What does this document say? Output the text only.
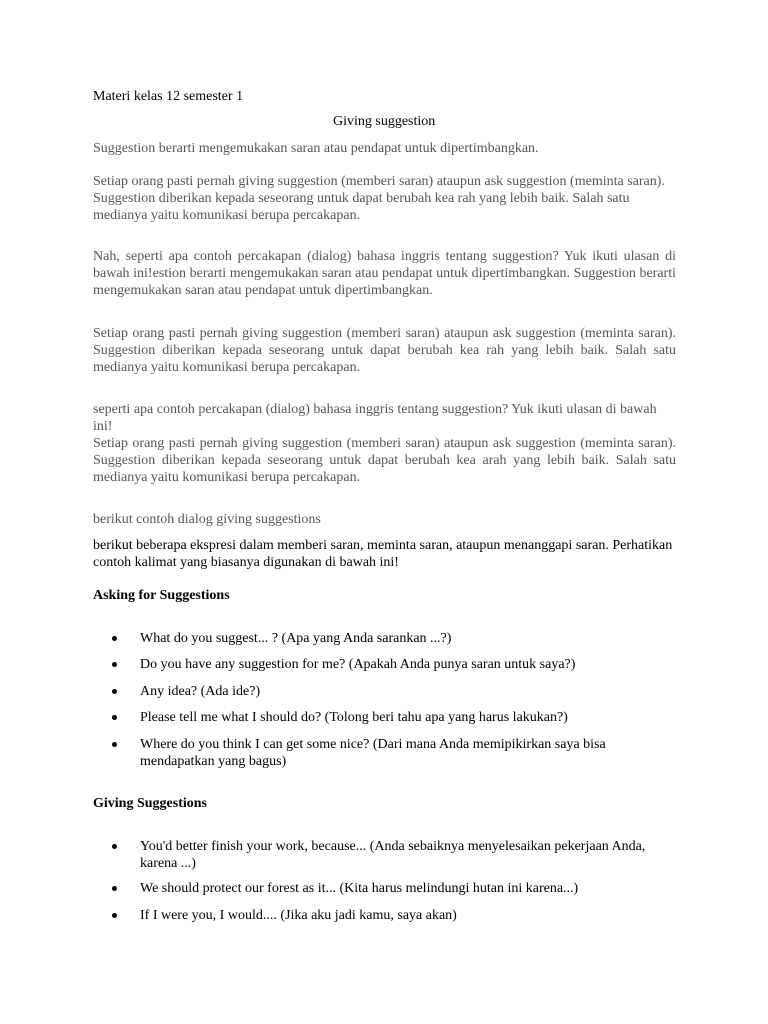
Materi kelas 12 semester 1
Giving suggestion
Suggestion berarti mengemukakan saran atau pendapat untuk dipertimbangkan.
Setiap orang pasti pernah giving suggestion (memberi saran) ataupun ask suggestion (meminta saran). Suggestion diberikan kepada seseorang untuk dapat berubah kea rah yang lebih baik. Salah satu medianya yaitu komunikasi berupa percakapan.
Nah, seperti apa contoh percakapan (dialog) bahasa inggris tentang suggestion? Yuk ikuti ulasan di bawah ini!estion berarti mengemukakan saran atau pendapat untuk dipertimbangkan. Suggestion berarti mengemukakan saran atau pendapat untuk dipertimbangkan.
Setiap orang pasti pernah giving suggestion (memberi saran) ataupun ask suggestion (meminta saran). Suggestion diberikan kepada seseorang untuk dapat berubah kea rah yang lebih baik. Salah satu medianya yaitu komunikasi berupa percakapan.
seperti apa contoh percakapan (dialog) bahasa inggris tentang suggestion? Yuk ikuti ulasan di bawah ini!
Setiap orang pasti pernah giving suggestion (memberi saran) ataupun ask suggestion (meminta saran). Suggestion diberikan kepada seseorang untuk dapat berubah kea arah yang lebih baik. Salah satu medianya yaitu komunikasi berupa percakapan.
berikut contoh dialog giving suggestions
berikut beberapa ekspresi dalam memberi saran, meminta saran, ataupun menanggapi saran. Perhatikan contoh kalimat yang biasanya digunakan di bawah ini!
Asking for Suggestions
What do you suggest... ? (Apa yang Anda sarankan ...?)
Do you have any suggestion for me? (Apakah Anda punya saran untuk saya?)
Any idea? (Ada ide?)
Please tell me what I should do? (Tolong beri tahu apa yang harus lakukan?)
Where do you think I can get some nice? (Dari mana Anda memipikirkan saya bisa mendapatkan yang bagus)
Giving Suggestions
You'd better finish your work, because... (Anda sebaiknya menyelesaikan pekerjaan Anda, karena ...)
We should protect our forest as it... (Kita harus melindungi hutan ini karena...)
If I were you, I would.... (Jika aku jadi kamu, saya akan)
